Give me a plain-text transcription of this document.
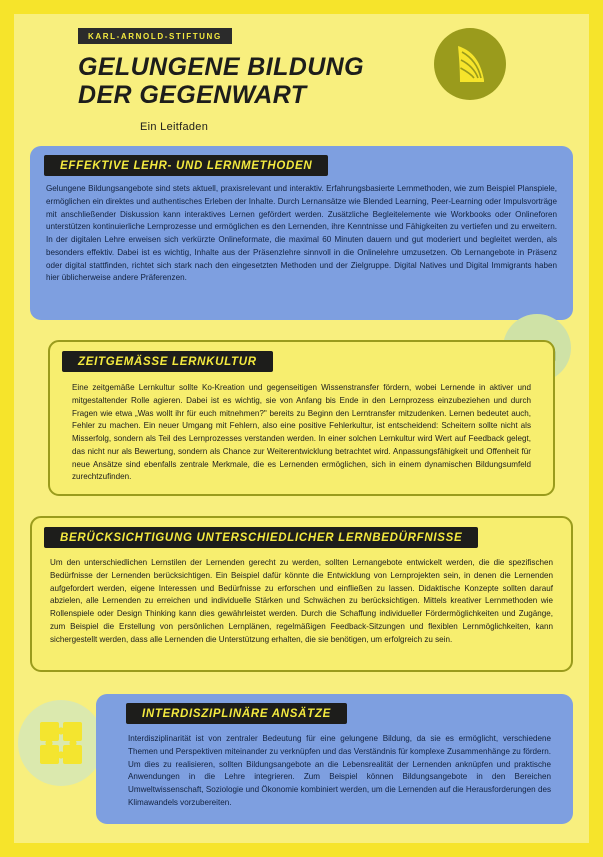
KARL-ARNOLD-STIFTUNG
GELUNGENE BILDUNG
DER GEGENWART
Ein Leitfaden
EFFEKTIVE LEHR- UND LERNMETHODEN
Gelungene Bildungsangebote sind stets aktuell, praxisrelevant und interaktiv. Erfahrungsbasierte Lernmethoden, wie zum Beispiel Planspiele, ermöglichen ein direktes und authentisches Erleben der Inhalte. Durch Lernansätze wie Blended Learning, Peer-Learning oder Impulsvorträge mit anschließender Diskussion kann interaktives Lernen gefördert werden. Zusätzliche Begleitelemente wie Workbooks oder Onlineforen unterstützen kontinuierliche Lernprozesse und ermöglichen es den Lernenden, ihre Kenntnisse und Fähigkeiten zu vertiefen und zu erweitern. In der digitalen Lehre erweisen sich verkürzte Onlineformate, die maximal 60 Minuten dauern und gut moderiert und begleitet werden, als besonders effektiv. Dabei ist es wichtig, Inhalte aus der Präsenzlehre sinnvoll in die Onlinelehre umzusetzen. Ob Lernangebote in Präsenz oder digital stattfinden, richtet sich stark nach den eingesetzten Methoden und der Zielgruppe. Digital Natives und Digital Immigrants haben hier üblicherweise andere Präferenzen.
ZEITGEMÄSSE LERNKULTUR
Eine zeitgemäße Lernkultur sollte Ko-Kreation und gegenseitigen Wissenstransfer fördern, wobei Lernende in aktiver und mitgestaltender Rolle agieren. Dabei ist es wichtig, sie von Anfang bis Ende in den Lernprozess einzubeziehen und durch Fragen wie etwa „Was wollt ihr für euch mitnehmen?" bereits zu Beginn den Lerntransfer mitzudenken. Lernen bedeutet auch, Fehler zu machen. Ein neuer Umgang mit Fehlern, also eine positive Fehlerkultur, ist entscheidend: Scheitern sollte nicht als Misserfolg, sondern als Teil des Lernprozesses verstanden werden. In einer solchen Lernkultur wird Wert auf Feedback gelegt, das nicht nur als Bewertung, sondern als Chance zur Weiterentwicklung betrachtet wird. Anpassungsfähigkeit und Offenheit für neue Ansätze sind ebenfalls zentrale Merkmale, die es Lernenden ermöglichen, sich in einem dynamischen Bildungsumfeld zurechtzufinden.
BERÜCKSICHTIGUNG UNTERSCHIEDLICHER LERNBEDÜRFNISSE
Um den unterschiedlichen Lernstilen der Lernenden gerecht zu werden, sollten Lernangebote entwickelt werden, die die spezifischen Bedürfnisse der Lernenden berücksichtigen. Ein Beispiel dafür könnte die Entwicklung von Lernprojekten sein, in denen die Lernenden aufgefordert werden, eigene Interessen und Bedürfnisse zu erforschen und einfließen zu lassen. Didaktische Konzepte sollten darauf abzielen, alle Lernenden zu erreichen und individuelle Stärken und Schwächen zu berücksichtigen. Mittels kreativer Lernmethoden wie Rollenspiele oder Design Thinking kann dies gewährleistet werden. Durch die Schaffung individueller Fördermöglichkeiten und Zugänge, zum Beispiel die Erstellung von persönlichen Lernplänen, regelmäßigen Feedback-Sitzungen und flexiblen Lernmöglichkeiten, kann sichergestellt werden, dass alle Lernenden die Unterstützung erhalten, die sie benötigen, um erfolgreich zu sein.
INTERDISZIPLINÄRE ANSÄTZE
Interdisziplinarität ist von zentraler Bedeutung für eine gelungene Bildung, da sie es ermöglicht, verschiedene Themen und Perspektiven miteinander zu verknüpfen und das Verständnis für komplexe Zusammenhänge zu fördern. Um dies zu realisieren, sollten Bildungsangebote an die Lebensrealität der Lernenden anknüpfen und praktische Anwendungen in die Lehre integrieren. Zum Beispiel können Bildungsangebote in den Bereichen Umweltwissenschaft, Soziologie und Ökonomie kombiniert werden, um die Lernenden auf die Herausforderungen des Klimawandels vorzubereiten.
